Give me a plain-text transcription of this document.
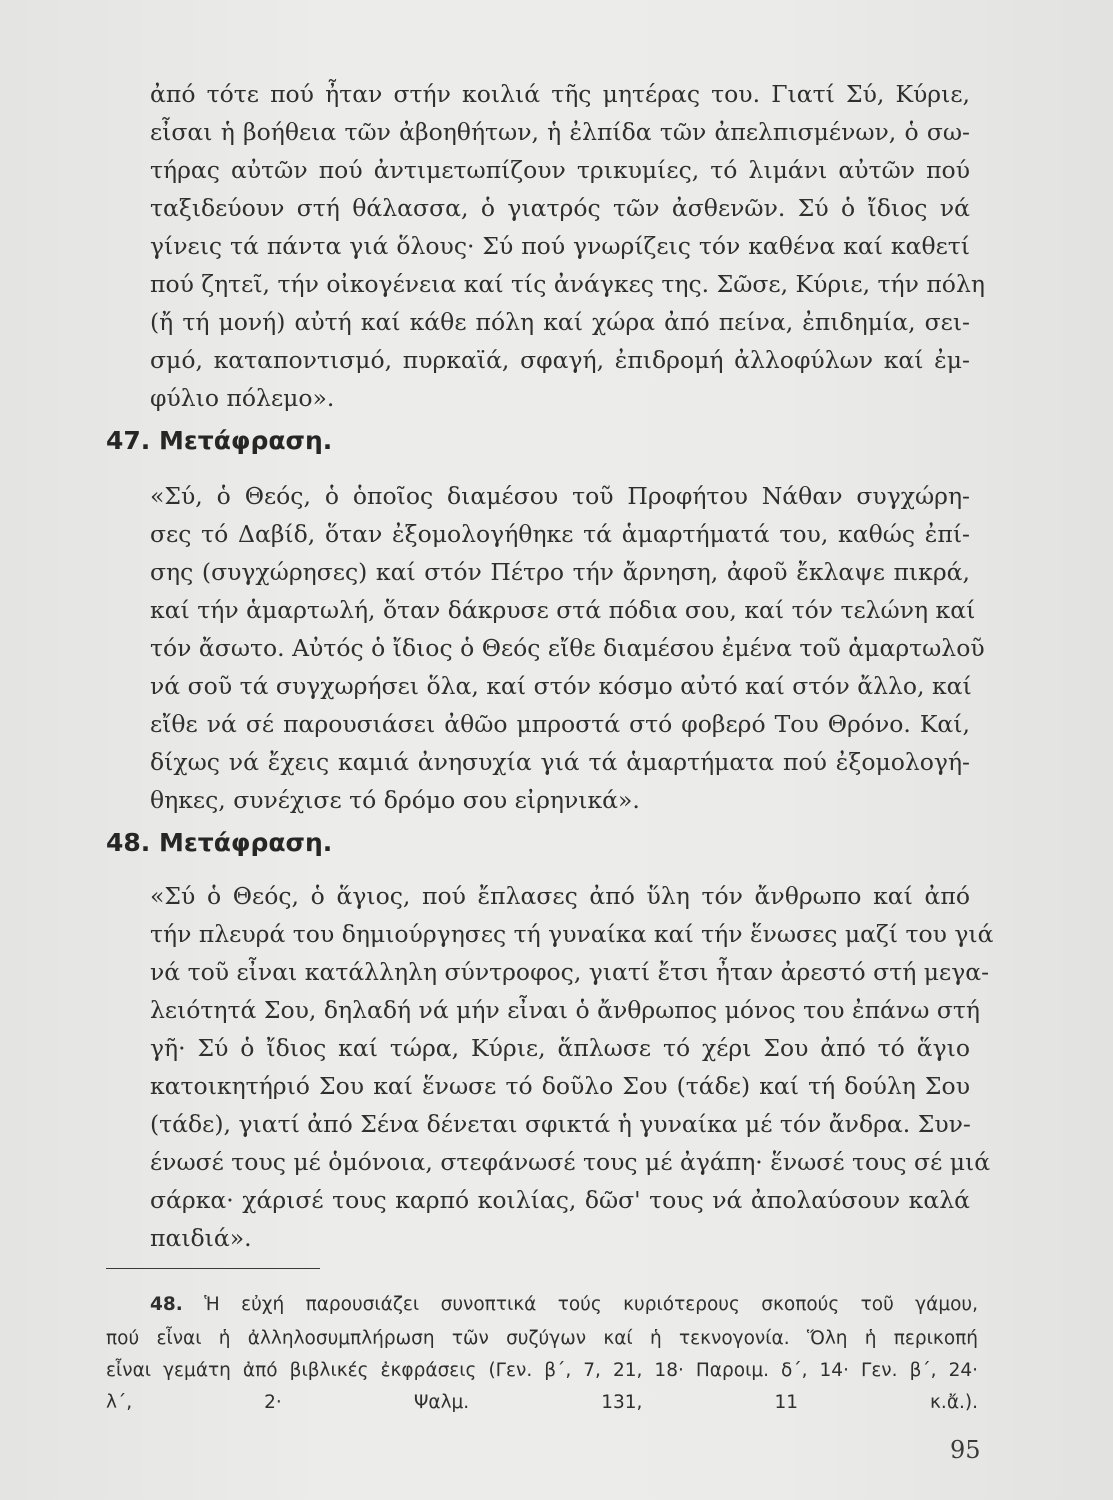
ἀπό τότε πού ἦταν στήν κοιλιά τῆς μητέρας του. Γιατί Σύ, Κύριε,
εἶσαι ἡ βοήθεια τῶν ἀβοηθήτων, ἡ ἐλπίδα τῶν ἀπελπισμένων, ὁ σω-
τήρας αὐτῶν πού ἀντιμετωπίζουν τρικυμίες, τό λιμάνι αὐτῶν πού
ταξιδεύουν στή θάλασσα, ὁ γιατρός τῶν ἀσθενῶν. Σύ ὁ ἴδιος νά
γίνεις τά πάντα γιά ὅλους· Σύ πού γνωρίζεις τόν καθένα καί καθετί
πού ζητεῖ, τήν οἰκογένεια καί τίς ἀνάγκες της. Σῶσε, Κύριε, τήν πόλη
(ἤ τή μονή) αὐτή καί κάθε πόλη καί χώρα ἀπό πείνα, ἐπιδημία, σει-
σμό, καταποντισμό, πυρκαϊά, σφαγή, ἐπιδρομή ἀλλοφύλων καί ἐμ-
φύλιο πόλεμο».
47. Μετάφραση.
«Σύ, ὁ Θεός, ὁ ὁποῖος διαμέσου τοῦ Προφήτου Νάθαν συγχώρη-
σες τό Δαβίδ, ὅταν ἐξομολογήθηκε τά ἁμαρτήματά του, καθώς ἐπί-
σης (συγχώρησες) καί στόν Πέτρο τήν ἄρνηση, ἀφοῦ ἔκλαψε πικρά,
καί τήν ἁμαρτωλή, ὅταν δάκρυσε στά πόδια σου, καί τόν τελώνη καί
τόν ἄσωτο. Αὐτός ὁ ἴδιος ὁ Θεός εἴθε διαμέσου ἐμένα τοῦ ἁμαρτωλοῦ
νά σοῦ τά συγχωρήσει ὅλα, καί στόν κόσμο αὐτό καί στόν ἄλλο, καί
εἴθε νά σέ παρουσιάσει ἀθῶο μπροστά στό φοβερό Του Θρόνο. Καί,
δίχως νά ἔχεις καμιά ἀνησυχία γιά τά ἁμαρτήματα πού ἐξομολογή-
θηκες, συνέχισε τό δρόμο σου εἰρηνικά».
48. Μετάφραση.
«Σύ ὁ Θεός, ὁ ἅγιος, πού ἔπλασες ἀπό ὕλη τόν ἄνθρωπο καί ἀπό
τήν πλευρά του δημιούργησες τή γυναίκα καί τήν ἕνωσες μαζί του γιά
νά τοῦ εἶναι κατάλληλη σύντροφος, γιατί ἔτσι ἦταν ἀρεστό στή μεγα-
λειότητά Σου, δηλαδή νά μήν εἶναι ὁ ἄνθρωπος μόνος του ἐπάνω στή
γῆ· Σύ ὁ ἴδιος καί τώρα, Κύριε, ἅπλωσε τό χέρι Σου ἀπό τό ἅγιο
κατοικητήριό Σου καί ἕνωσε τό δοῦλο Σου (τάδε) καί τή δούλη Σου
(τάδε), γιατί ἀπό Σένα δένεται σφικτά ἡ γυναίκα μέ τόν ἄνδρα. Συν-
ένωσέ τους μέ ὁμόνοια, στεφάνωσέ τους μέ ἀγάπη· ἕνωσέ τους σέ μιά
σάρκα· χάρισέ τους καρπό κοιλίας, δῶσ' τους νά ἀπολαύσουν καλά
παιδιά».
48. Ἡ εὐχή παρουσιάζει συνοπτικά τούς κυριότερους σκοπούς τοῦ γάμου,
πού εἶναι ἡ ἀλληλοσυμπλήρωση τῶν συζύγων καί ἡ τεκνογονία. Ὅλη ἡ περικοπή
εἶναι γεμάτη ἀπό βιβλικές ἐκφράσεις (Γεν. β΄, 7, 21, 18· Παροιμ. δ΄, 14· Γεν. β΄, 24·
λ΄, 2· Ψαλμ. 131, 11 κ.ἄ.).
95
